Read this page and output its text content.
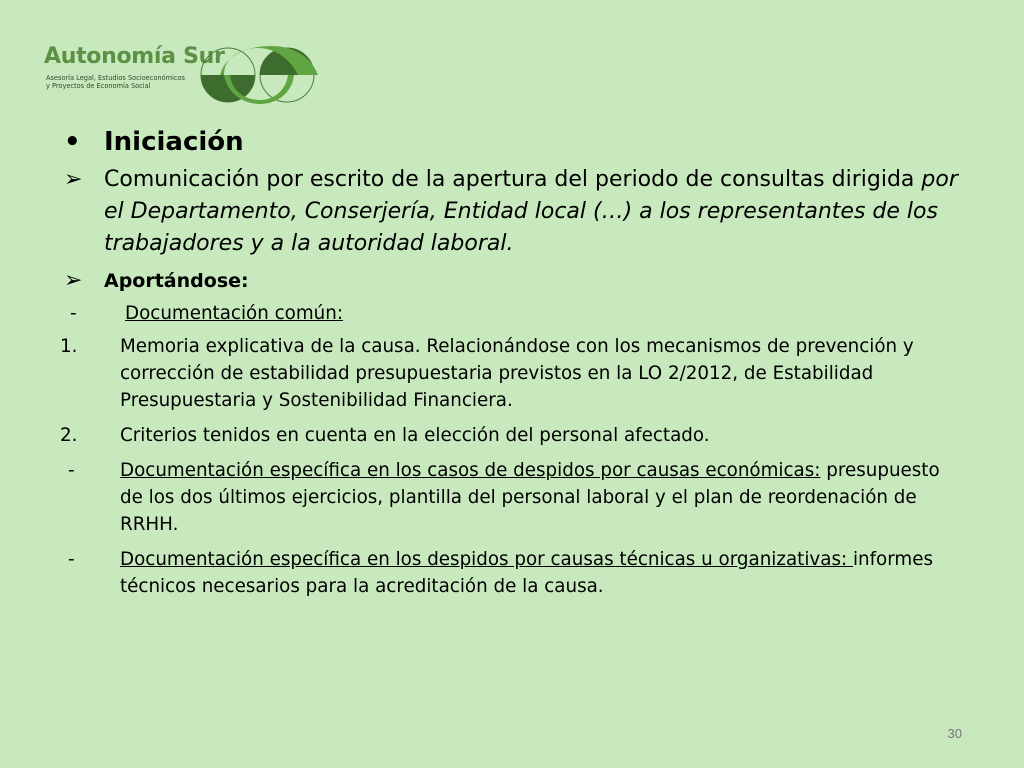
Autonomía Sur
Asesoría Legal, Estudios Socioeconómicos
y Proyectos de Economía Social
• Iniciación
➢ Comunicación por escrito de la apertura del periodo de consultas dirigida por el Departamento, Conserjería, Entidad local (…) a los representantes de los trabajadores y a la autoridad laboral.
➢	Aportándose:
-	Documentación común:
1.	Memoria explicativa de la causa. Relacionándose con los mecanismos de prevención y corrección de estabilidad presupuestaria previstos en la LO 2/2012, de Estabilidad Presupuestaria y Sostenibilidad Financiera.
2.	Criterios tenidos en cuenta en la elección del personal afectado.
-	Documentación específica en los casos de despidos por causas económicas: presupuesto de los dos últimos ejercicios, plantilla del personal laboral y el plan de reordenación de RRHH.
-	Documentación específica en los despidos por causas técnicas u organizativas: informes técnicos necesarios para la acreditación de la causa.
30
